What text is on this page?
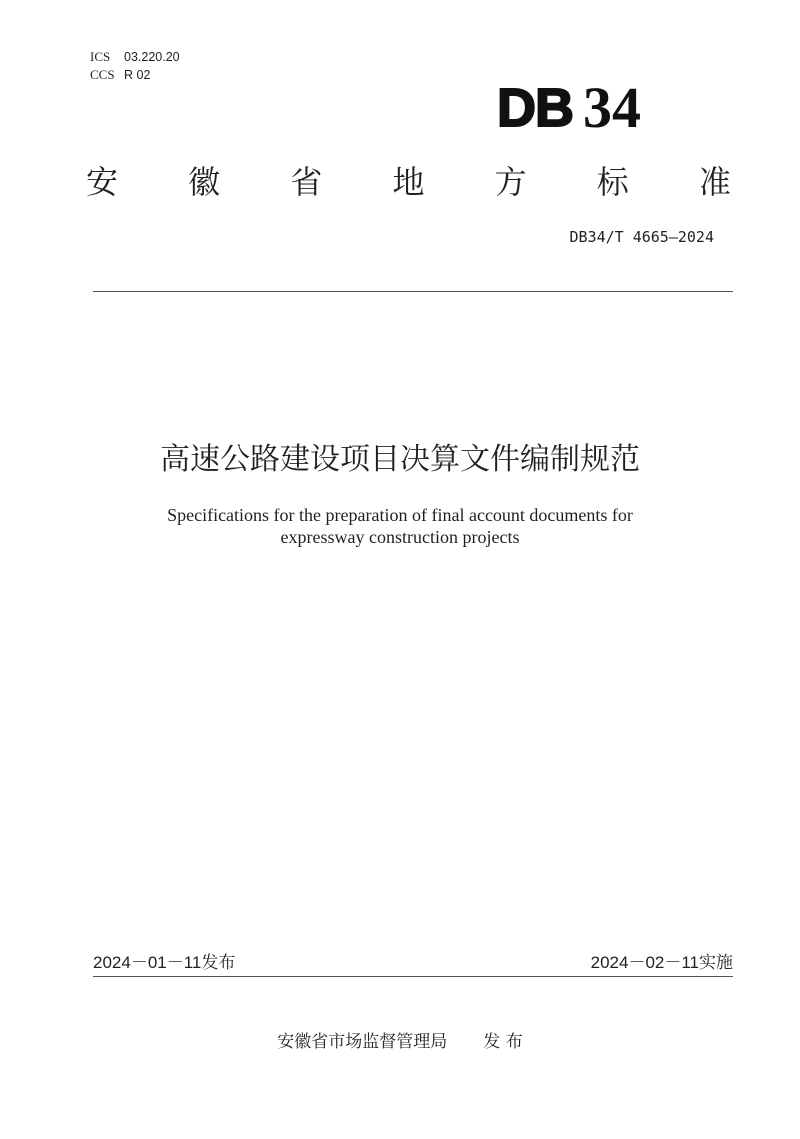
ICS	03.220.20
CCS R 02
DB 34
安 徽 省 地 方 标 准
DB34/T 4665—2024
高速公路建设项目决算文件编制规范
Specifications for the preparation of final account documents for
expressway construction projects
2024－01－11发布	2024－02－11实施
安徽省市场监督管理局 发 布
